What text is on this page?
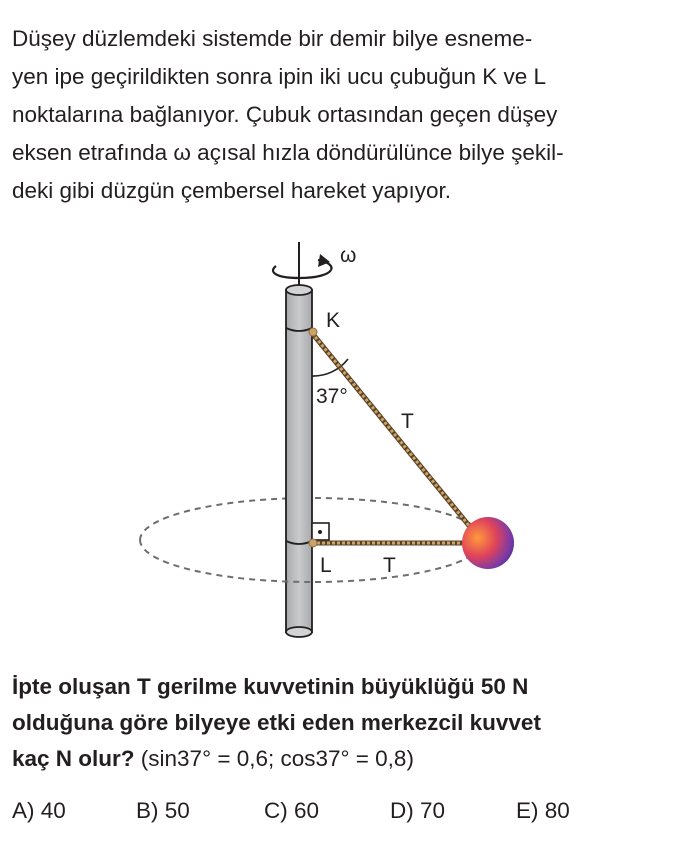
Düşey düzlemdeki sistemde bir demir bilye esneme-
yen ipe geçirildikten sonra ipin iki ucu çubuğun K ve L
noktalarına bağlanıyor. Çubuk ortasından geçen düşey
eksen etrafında ω açısal hızla döndürülünce bilye şekil-
deki gibi düzgün çembersel hareket yapıyor.
ω
37°
K
T
L T
İpte oluşan T gerilme kuvvetinin büyüklüğü 50 N
olduğuna göre bilyeye etki eden merkezcil kuvvet
kaç N olur? (sin37° = 0,6; cos37° = 0,8)
A) 40	B) 50	C) 60	D) 70	E) 80
